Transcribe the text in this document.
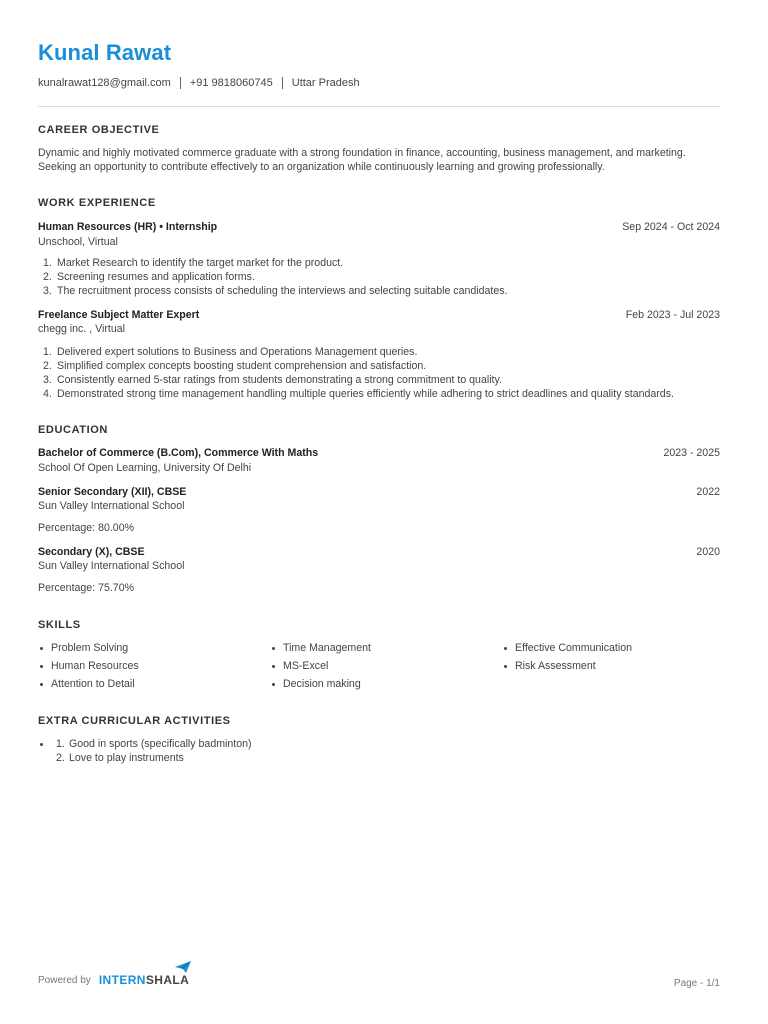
Kunal Rawat
kunalrawat128@gmail.com +91 9818060745 Uttar Pradesh
CAREER OBJECTIVE
Dynamic and highly motivated commerce graduate with a strong foundation in finance, accounting, business management, and marketing. Seeking an opportunity to contribute effectively to an organization while continuously learning and growing professionally.
WORK EXPERIENCE
Human Resources (HR) • Internship	Sep 2024 - Oct 2024
Unschool, Virtual
1. Market Research to identify the target market for the product.
2. Screening resumes and application forms.
3. The recruitment process consists of scheduling the interviews and selecting suitable candidates.
Freelance Subject Matter Expert	Feb 2023 - Jul 2023
chegg inc. , Virtual
1. Delivered expert solutions to Business and Operations Management queries.
2. Simplified complex concepts boosting student comprehension and satisfaction.
3. Consistently earned 5-star ratings from students demonstrating a strong commitment to quality.
4. Demonstrated strong time management handling multiple queries efficiently while adhering to strict deadlines and quality standards.
EDUCATION
Bachelor of Commerce (B.Com), Commerce With Maths	2023 - 2025
School Of Open Learning, University Of Delhi
Senior Secondary (XII), CBSE	2022
Sun Valley International School
Percentage: 80.00%
Secondary (X), CBSE	2020
Sun Valley International School
Percentage: 75.70%
SKILLS
Problem Solving	Time Management	Effective Communication
Human Resources	MS-Excel	Risk Assessment
Attention to Detail	Decision making
EXTRA CURRICULAR ACTIVITIES
1. Good in sports (specifically badminton)
2. Love to play instruments
Powered by INTERN SHALA	Page - 1/1
